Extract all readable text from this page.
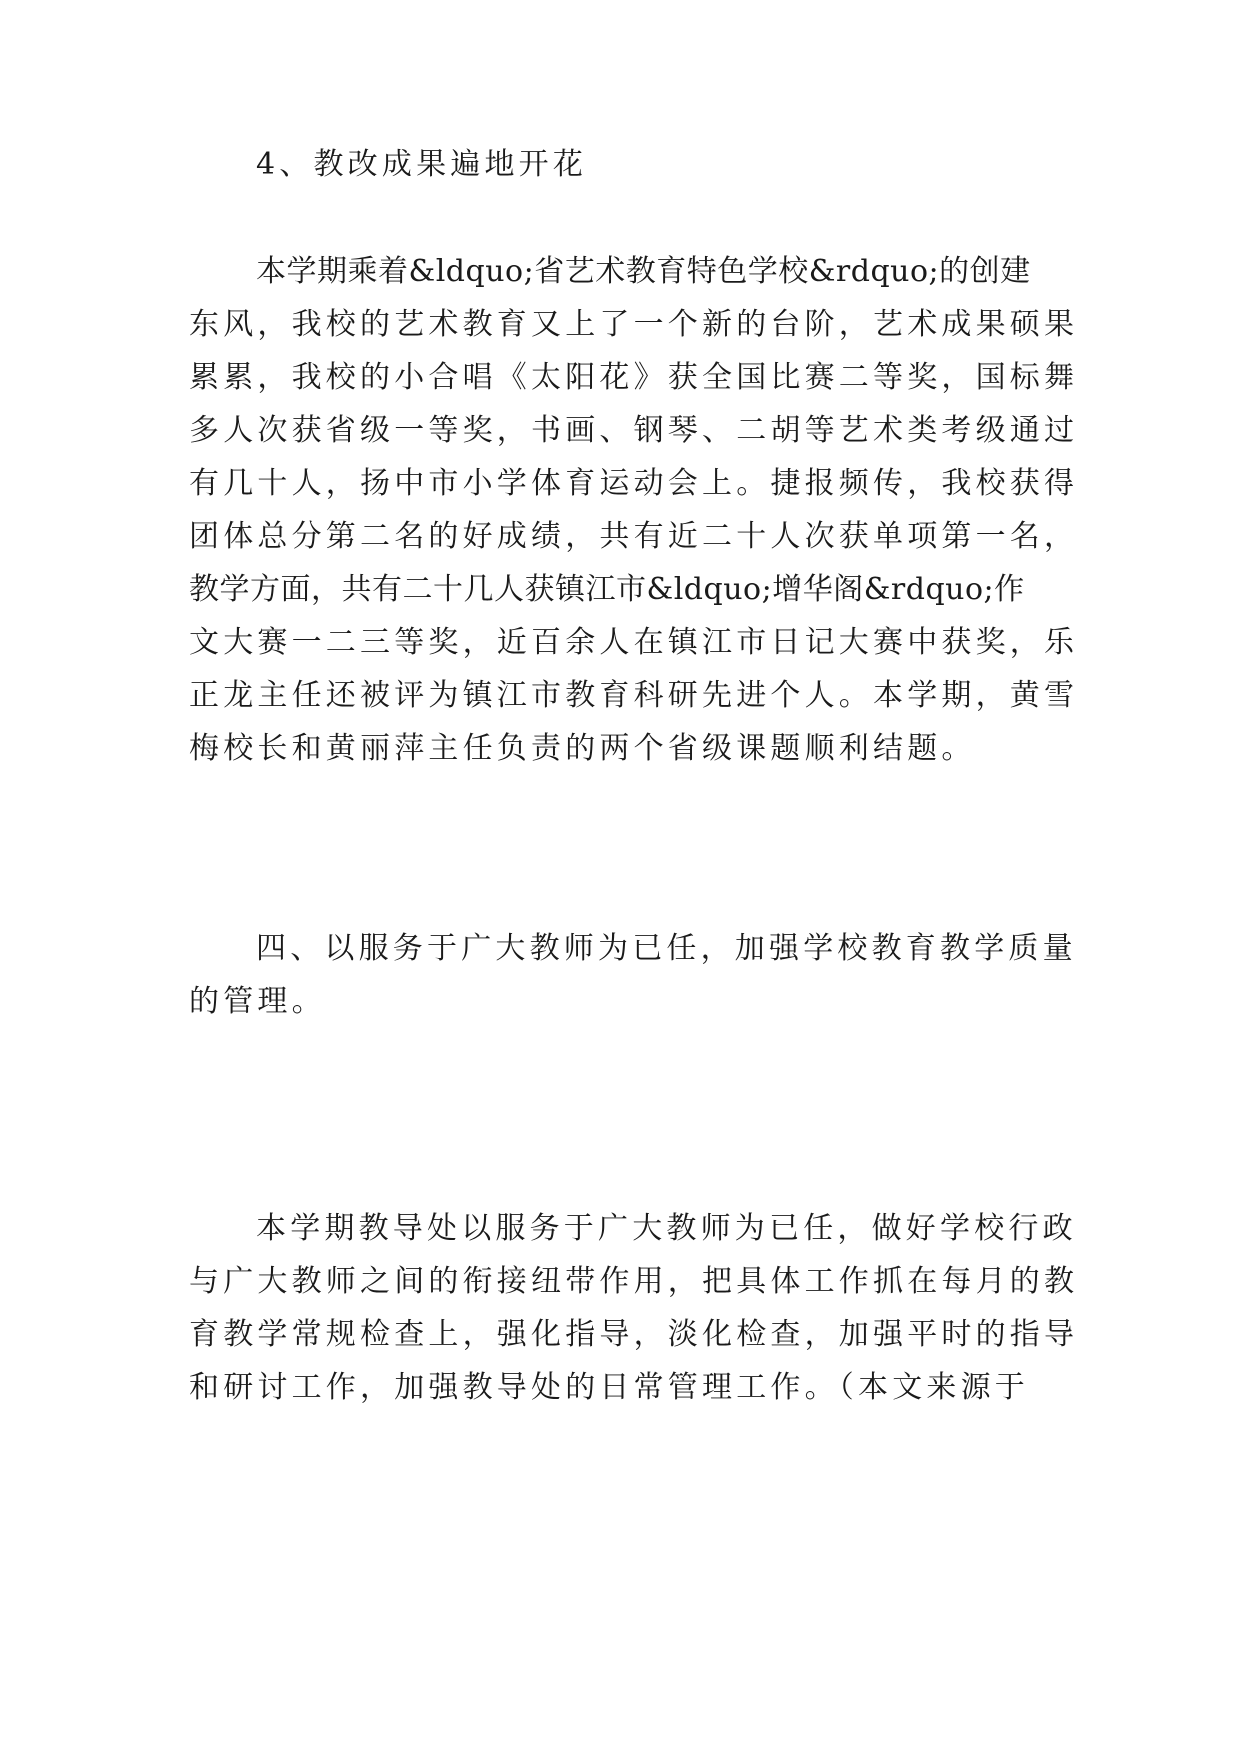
4、教改成果遍地开花
本学期乘着&ldquo;省艺术教育特色学校&rdquo;的创建
东风，我校的艺术教育又上了一个新的台阶，艺术成果硕果
累累，我校的小合唱《太阳花》获全国比赛二等奖，国标舞
多人次获省级一等奖，书画、钢琴、二胡等艺术类考级通过
有几十人，扬中市小学体育运动会上。捷报频传，我校获得
团体总分第二名的好成绩，共有近二十人次获单项第一名，
教学方面，共有二十几人获镇江市&ldquo;增华阁&rdquo;作
文大赛一二三等奖，近百余人在镇江市日记大赛中获奖，乐
正龙主任还被评为镇江市教育科研先进个人。本学期，黄雪
梅校长和黄丽萍主任负责的两个省级课题顺利结题。
四、以服务于广大教师为已任，加强学校教育教学质量
的管理。
本学期教导处以服务于广大教师为已任，做好学校行政
与广大教师之间的衔接纽带作用，把具体工作抓在每月的教
育教学常规检查上，强化指导，淡化检查，加强平时的指导
和研讨工作，加强教导处的日常管理工作。（本文来源于
